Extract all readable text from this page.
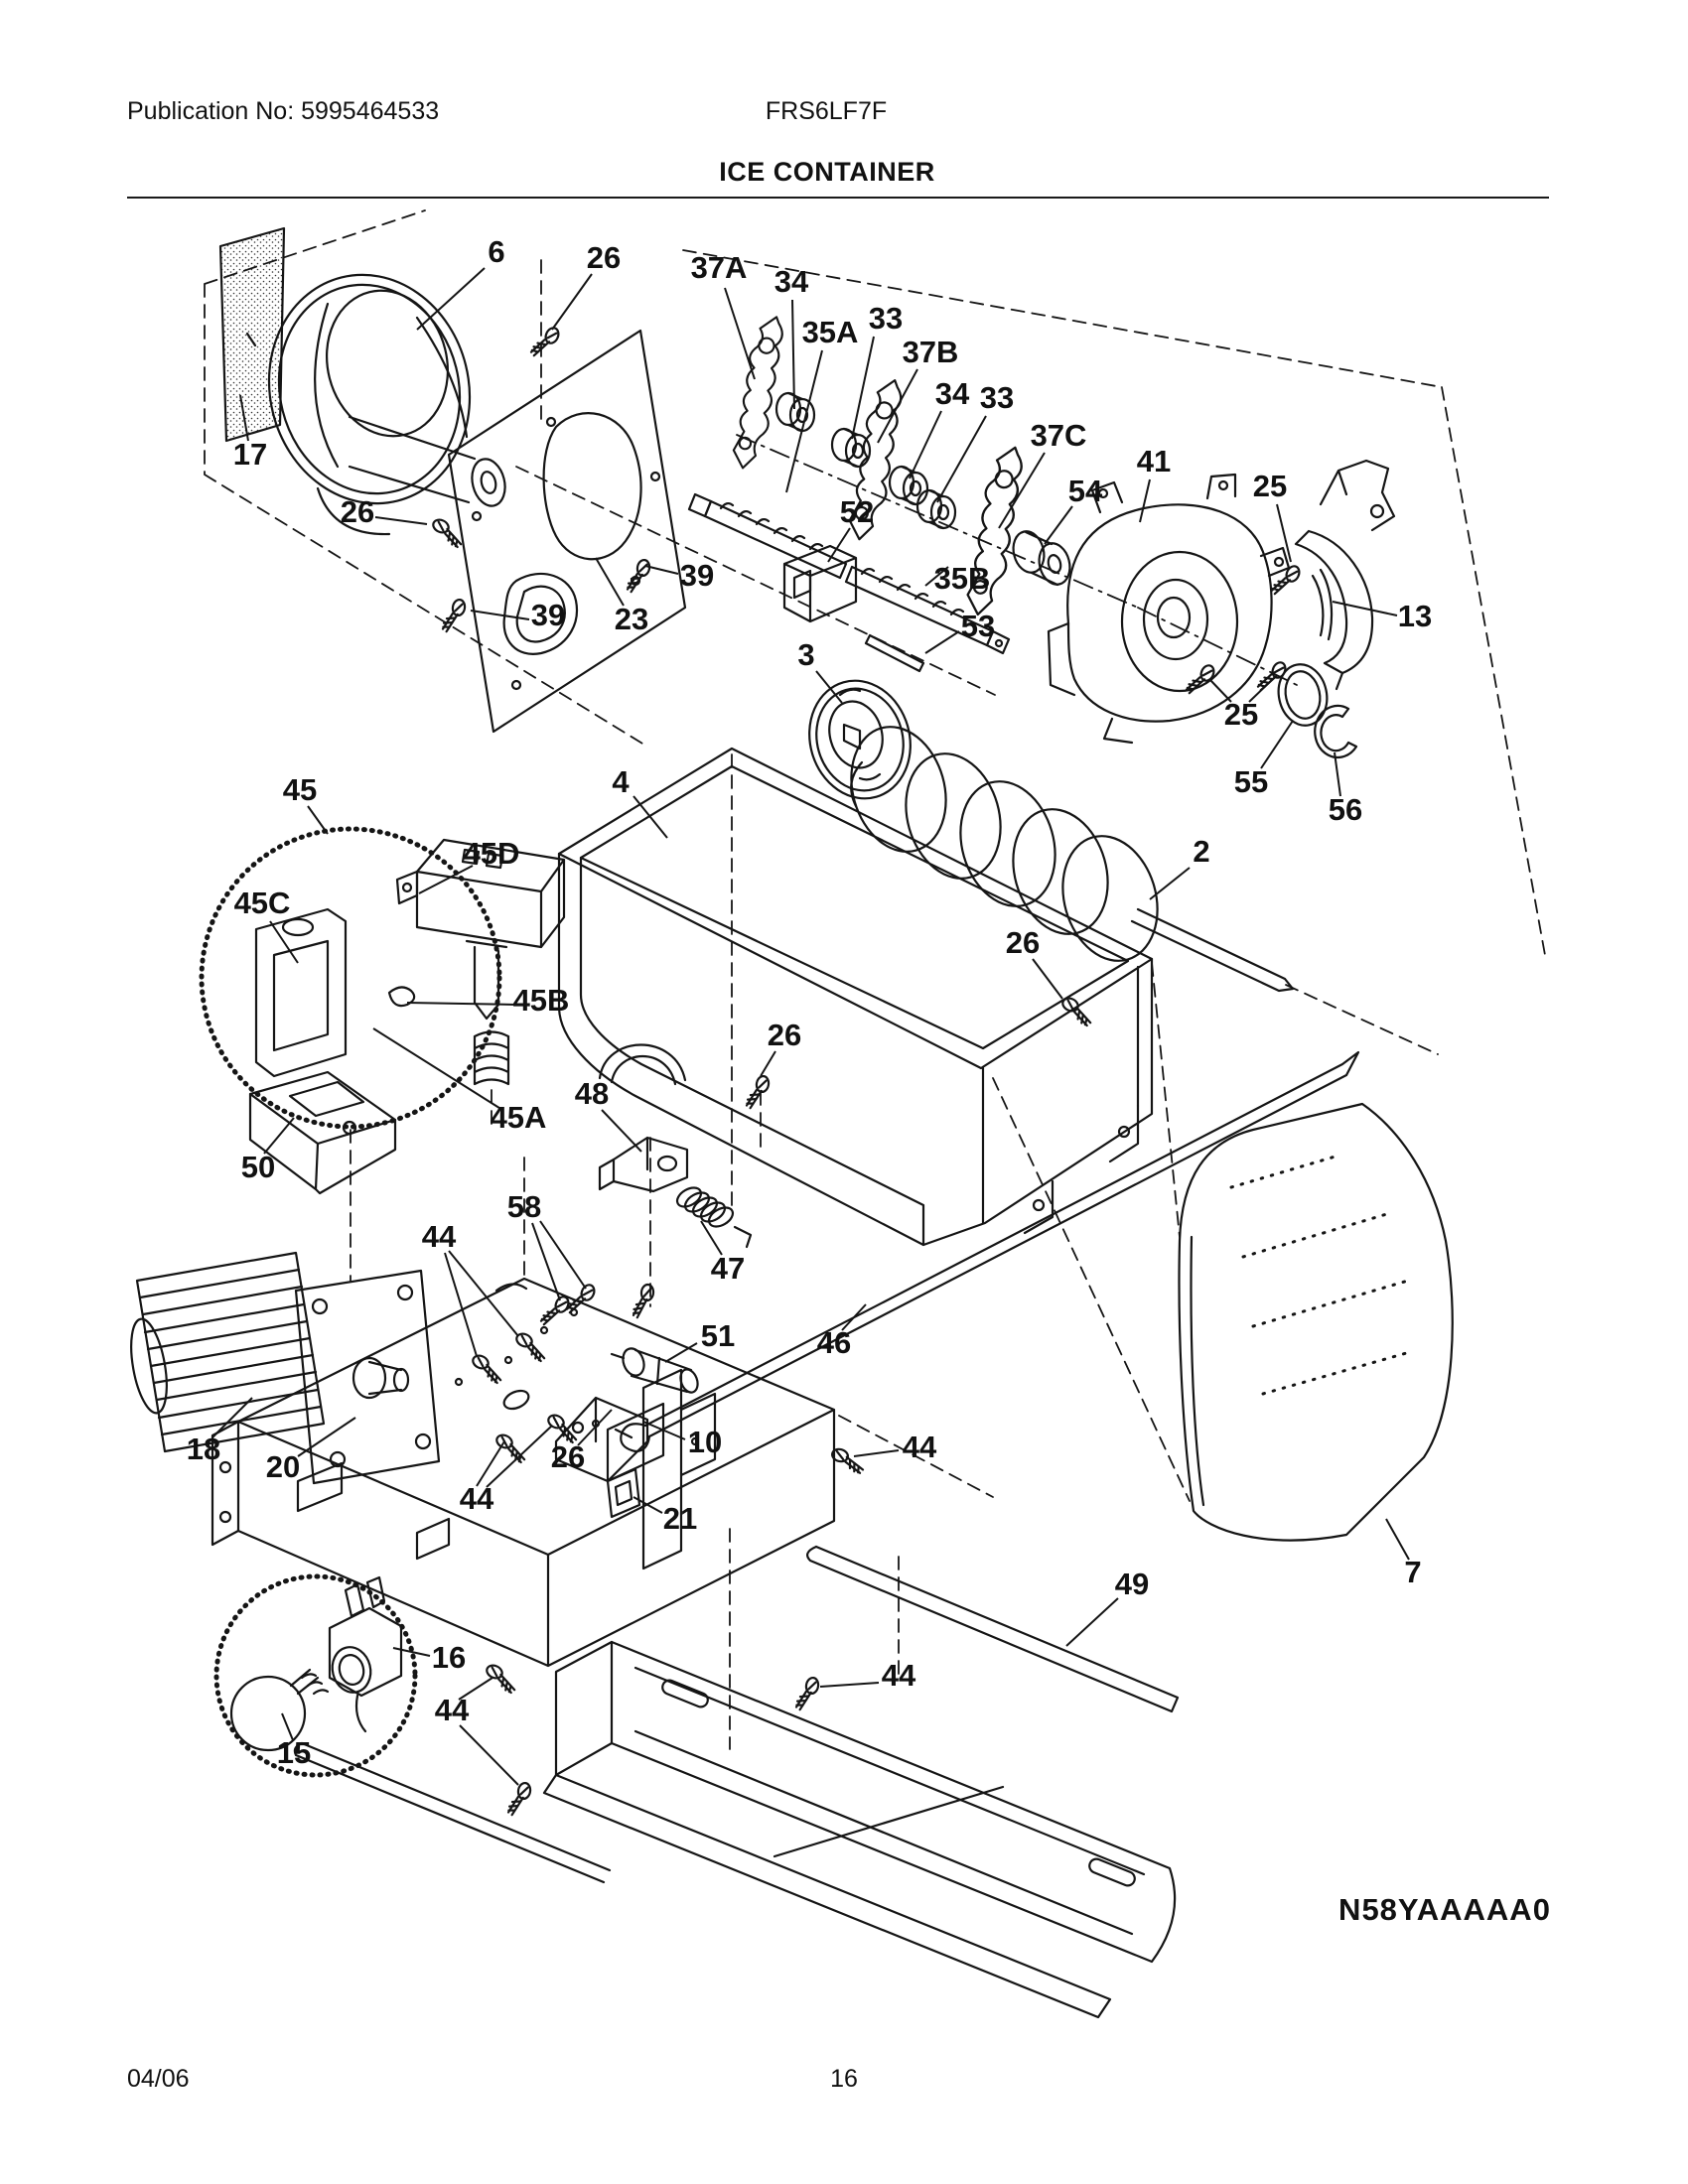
Publication No: 5995464533	FRS6LF7F
ICE CONTAINER
6	26 37A 34
35A 33
37B
34 33
37C
54
41
25
13
17
26
39 23
39
52
35B
53
3
4
2
25
55
56
45
45D
45C
45B
45A
50
26
26
48
58
44
47
46
51
10
26
21
18
20
44
16
15
44
49
44
44
7
N58YAAAAA0
04/06	16
